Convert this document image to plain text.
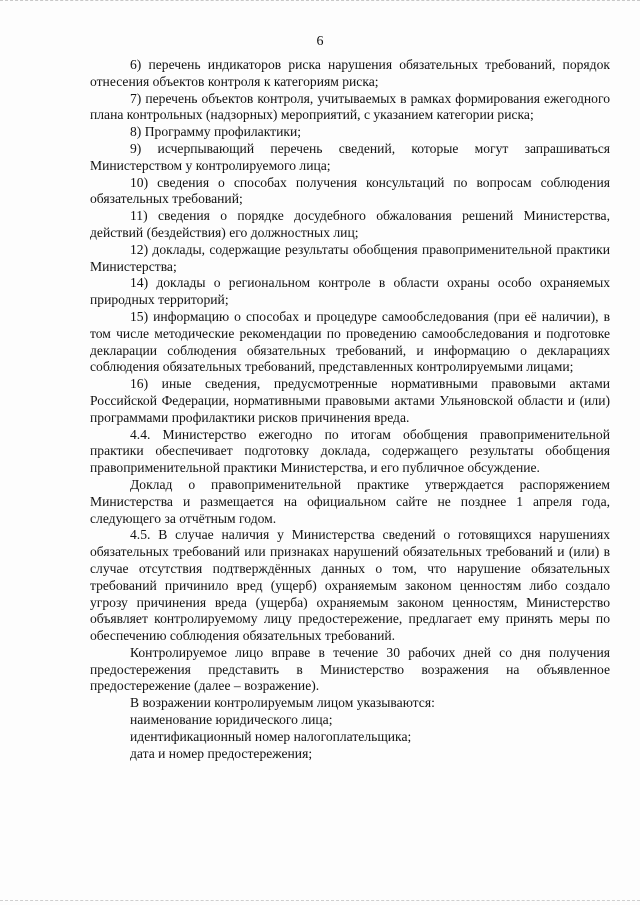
6

6) перечень индикаторов риска нарушения обязательных требований, порядок отнесения объектов контроля к категориям риска;

7) перечень объектов контроля, учитываемых в рамках формирования ежегодного плана контрольных (надзорных) мероприятий, с указанием категории риска;

8) Программу профилактики;

9) исчерпывающий перечень сведений, которые могут запрашиваться Министерством у контролируемого лица;

10) сведения о способах получения консультаций по вопросам соблюдения обязательных требований;

11) сведения о порядке досудебного обжалования решений Министерства, действий (бездействия) его должностных лиц;

12) доклады, содержащие результаты обобщения правоприменительной практики Министерства;

14) доклады о региональном контроле в области охраны особо охраняемых природных территорий;

15) информацию о способах и процедуре самообследования (при её наличии), в том числе методические рекомендации по проведению самообследования и подготовке декларации соблюдения обязательных требований, и информацию о декларациях соблюдения обязательных требований, представленных контролируемыми лицами;

16) иные сведения, предусмотренные нормативными правовыми актами Российской Федерации, нормативными правовыми актами Ульяновской области и (или) программами профилактики рисков причинения вреда.

4.4. Министерство ежегодно по итогам обобщения правоприменительной практики обеспечивает подготовку доклада, содержащего результаты обобщения правоприменительной практики Министерства, и его публичное обсуждение.

Доклад о правоприменительной практике утверждается распоряжением Министерства и размещается на официальном сайте не позднее 1 апреля года, следующего за отчётным годом.

4.5. В случае наличия у Министерства сведений о готовящихся нарушениях обязательных требований или признаках нарушений обязательных требований и (или) в случае отсутствия подтверждённых данных о том, что нарушение обязательных требований причинило вред (ущерб) охраняемым законом ценностям либо создало угрозу причинения вреда (ущерба) охраняемым законом ценностям, Министерство объявляет контролируемому лицу предостережение, предлагает ему принять меры по обеспечению соблюдения обязательных требований.

Контролируемое лицо вправе в течение 30 рабочих дней со дня получения предостережения представить в Министерство возражения на объявленное предостережение (далее – возражение).

В возражении контролируемым лицом указываются:

наименование юридического лица;

идентификационный номер налогоплательщика;

дата и номер предостережения;
